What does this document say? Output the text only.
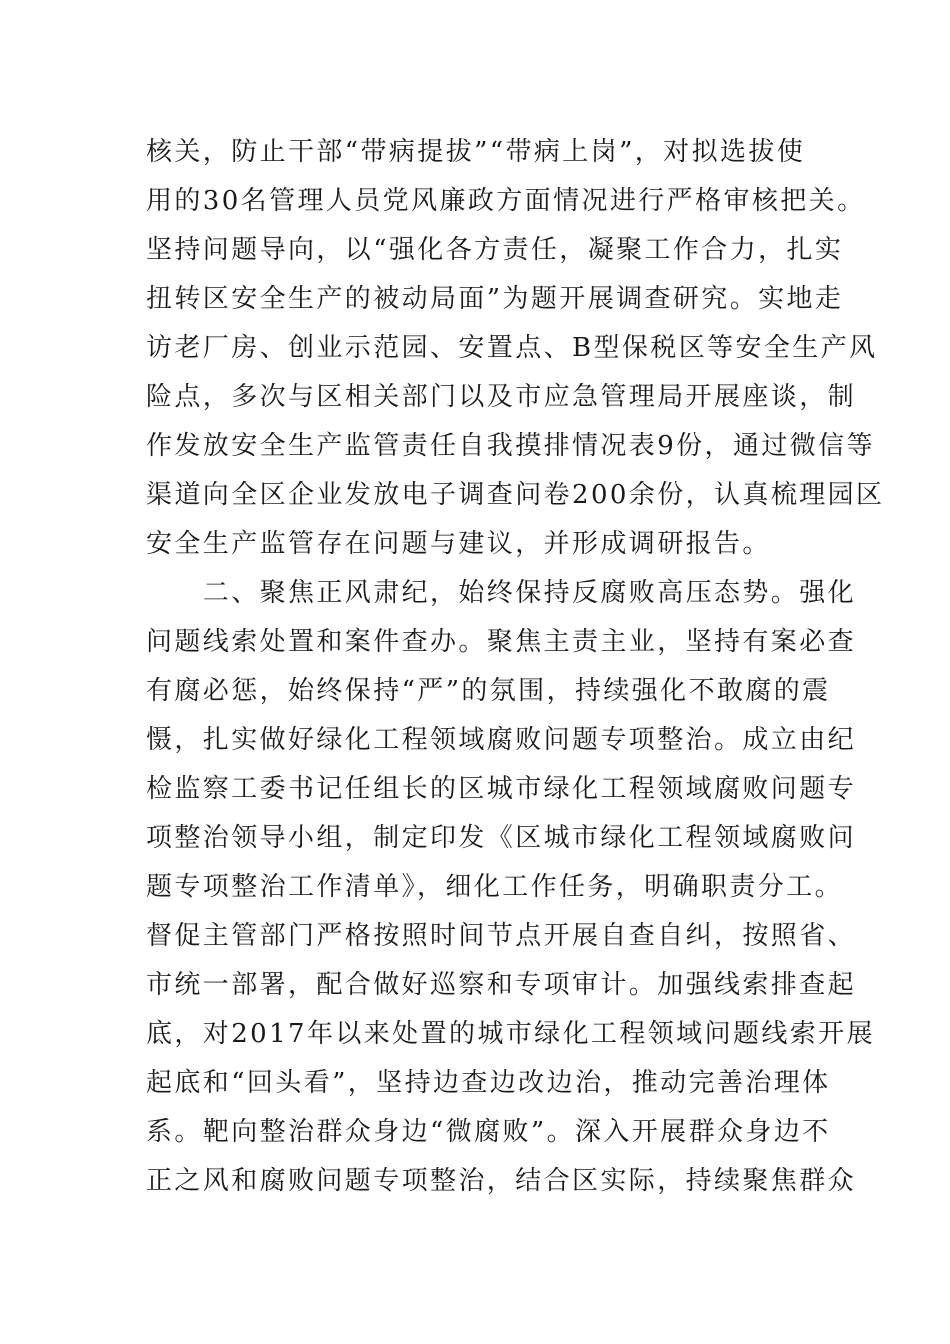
核关，防止干部“带病提拔”“带病上岗”，对拟选拔使
用的30名管理人员党风廉政方面情况进行严格审核把关。
坚持问题导向，以“强化各方责任，凝聚工作合力，扎实
扭转区安全生产的被动局面”为题开展调查研究。实地走
访老厂房、创业示范园、安置点、B型保税区等安全生产风
险点，多次与区相关部门以及市应急管理局开展座谈，制
作发放安全生产监管责任自我摸排情况表9份，通过微信等
渠道向全区企业发放电子调查问卷200余份，认真梳理园区
安全生产监管存在问题与建议，并形成调研报告。
　　二、聚焦正风肃纪，始终保持反腐败高压态势。强化
问题线索处置和案件查办。聚焦主责主业，坚持有案必查
有腐必惩，始终保持“严”的氛围，持续强化不敢腐的震
慑，扎实做好绿化工程领域腐败问题专项整治。成立由纪
检监察工委书记任组长的区城市绿化工程领域腐败问题专
项整治领导小组，制定印发《区城市绿化工程领域腐败问
题专项整治工作清单》，细化工作任务，明确职责分工。
督促主管部门严格按照时间节点开展自查自纠，按照省、
市统一部署，配合做好巡察和专项审计。加强线索排查起
底，对2017年以来处置的城市绿化工程领域问题线索开展
起底和“回头看”，坚持边查边改边治，推动完善治理体
系。靶向整治群众身边“微腐败”。深入开展群众身边不
正之风和腐败问题专项整治，结合区实际，持续聚焦群众
